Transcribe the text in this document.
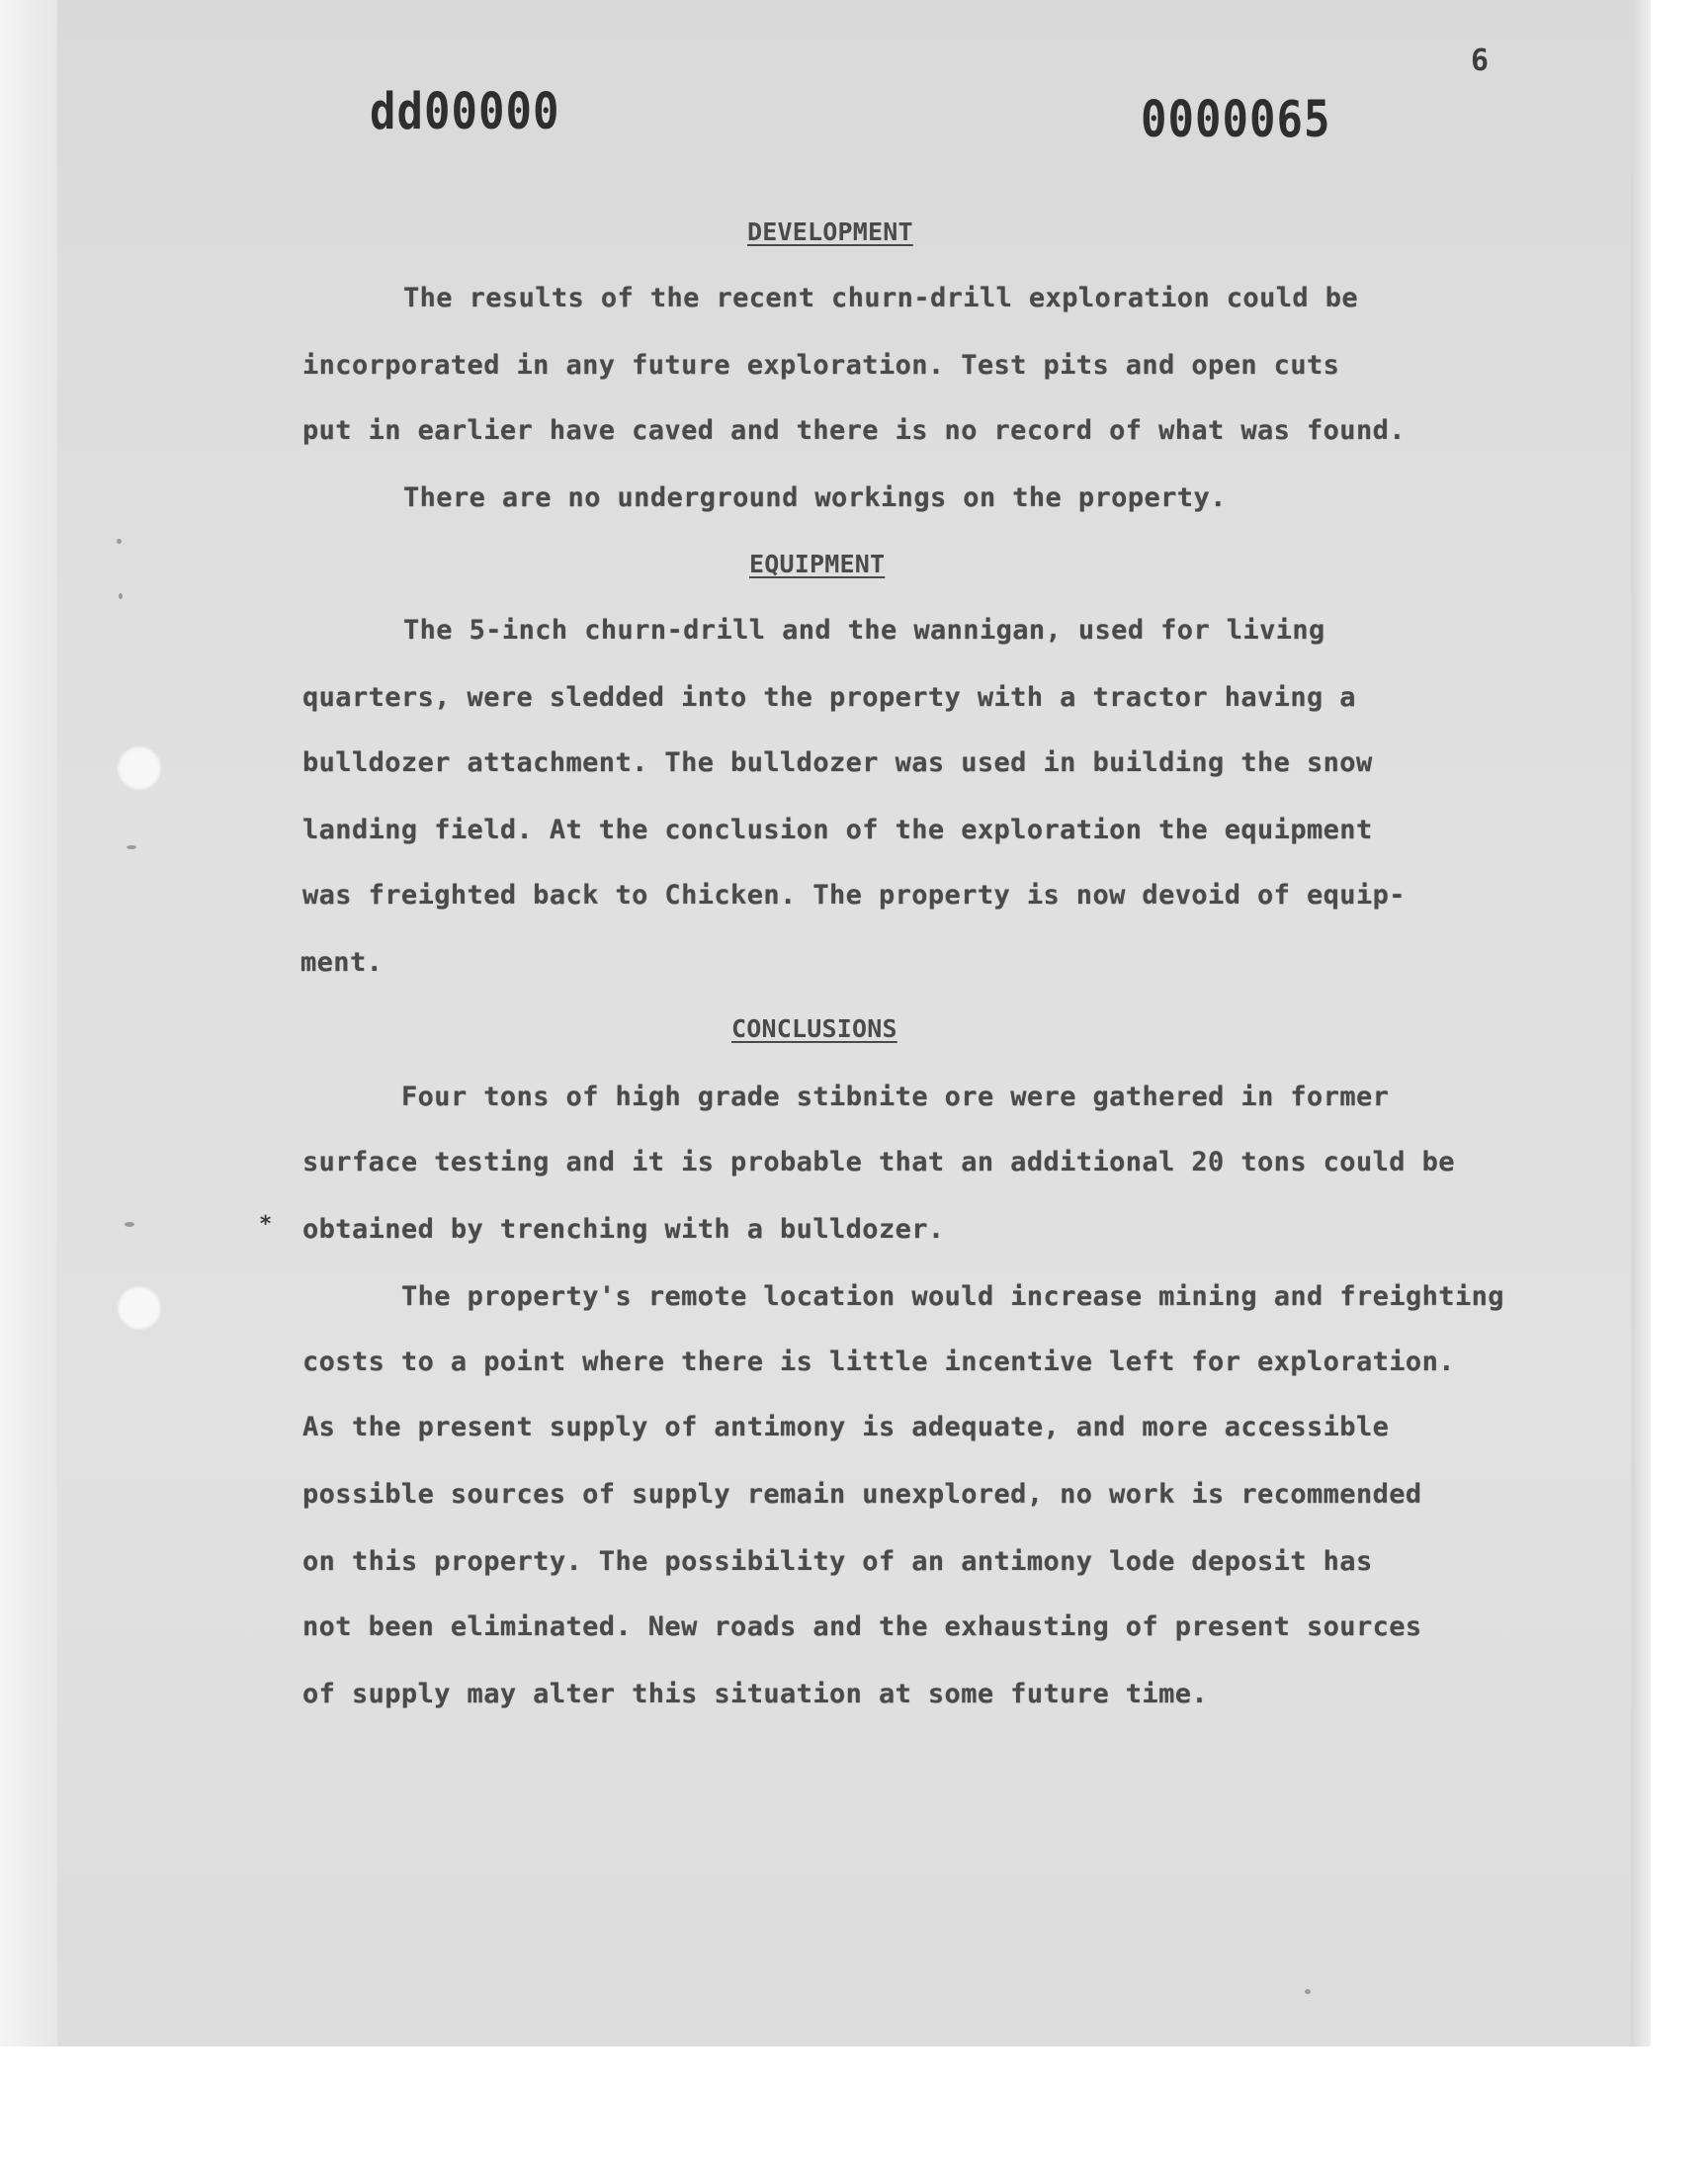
6
dd00000	0000065
DEVELOPMENT
The results of the recent churn-drill exploration could be
incorporated in any future exploration. Test pits and open cuts
put in earlier have caved and there is no record of what was found.
There are no underground workings on the property.
EQUIPMENT
The 5-inch churn-drill and the wannigan, used for living
quarters, were sledded into the property with a tractor having a
bulldozer attachment. The bulldozer was used in building the snow
landing field. At the conclusion of the exploration the equipment
was freighted back to Chicken. The property is now devoid of equip-
ment.
CONCLUSIONS
Four tons of high grade stibnite ore were gathered in former
surface testing and it is probable that an additional 20 tons could be
* obtained by trenching with a bulldozer.
The property's remote location would increase mining and freighting
costs to a point where there is little incentive left for exploration.
As the present supply of antimony is adequate, and more accessible
possible sources of supply remain unexplored, no work is recommended
on this property. The possibility of an antimony lode deposit has
not been eliminated. New roads and the exhausting of present sources
of supply may alter this situation at some future time.
